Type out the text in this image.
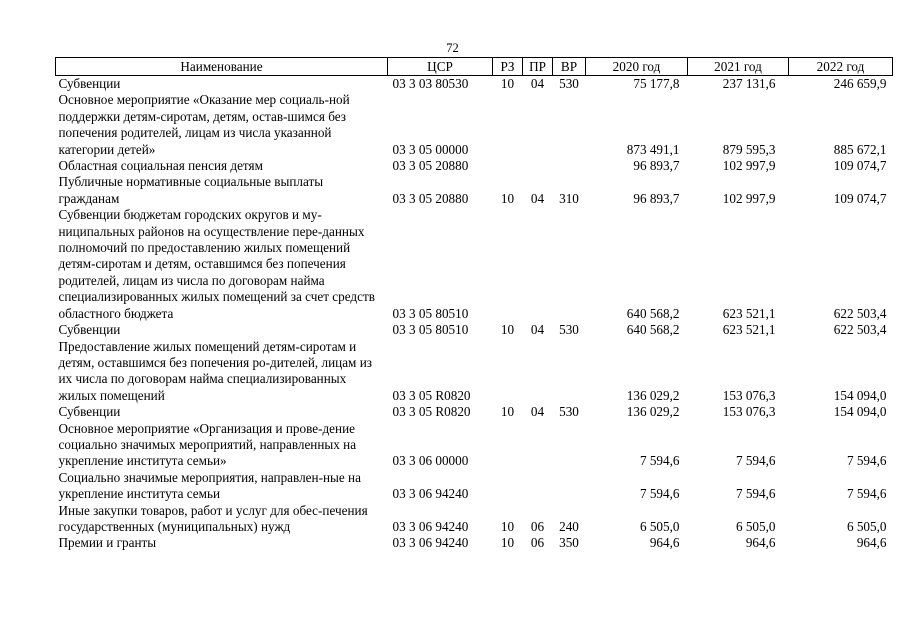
72
Наименование	ЦСР	РЗ	ПР	ВР	2020 год	2021 год	2022 год
Субвенции	03 3 03 80530	10	04	530	75 177,8	237 131,6	246 659,9
Основное мероприятие «Оказание мер социаль-ной поддержки детям-сиротам, детям, остав-шимся без попечения родителей, лицам из числа указанной категории детей»	03 3 05 00000				873 491,1	879 595,3	885 672,1
Областная социальная пенсия детям	03 3 05 20880				96 893,7	102 997,9	109 074,7
Публичные нормативные социальные выплаты гражданам	03 3 05 20880	10	04	310	96 893,7	102 997,9	109 074,7
Субвенции бюджетам городских округов и му-ниципальных районов на осуществление пере-данных полномочий по предоставлению жилых помещений детям-сиротам и детям, оставшимся без попечения родителей, лицам из числа по договорам найма специализированных жилых помещений за счет средств областного бюджета	03 3 05 80510				640 568,2	623 521,1	622 503,4
Субвенции	03 3 05 80510	10	04	530	640 568,2	623 521,1	622 503,4
Предоставление жилых помещений детям-сиротам и детям, оставшимся без попечения ро-дителей, лицам из их числа по договорам найма специализированных жилых помещений	03 3 05 R0820				136 029,2	153 076,3	154 094,0
Субвенции	03 3 05 R0820	10	04	530	136 029,2	153 076,3	154 094,0
Основное мероприятие «Организация и прове-дение социально значимых мероприятий, направленных на укрепление института семьи»	03 3 06 00000				7 594,6	7 594,6	7 594,6
Социально значимые мероприятия, направлен-ные на укрепление института семьи	03 3 06 94240				7 594,6	7 594,6	7 594,6
Иные закупки товаров, работ и услуг для обес-печения государственных (муниципальных) нужд	03 3 06 94240	10	06	240	6 505,0	6 505,0	6 505,0
Премии и гранты	03 3 06 94240	10	06	350	964,6	964,6	964,6
